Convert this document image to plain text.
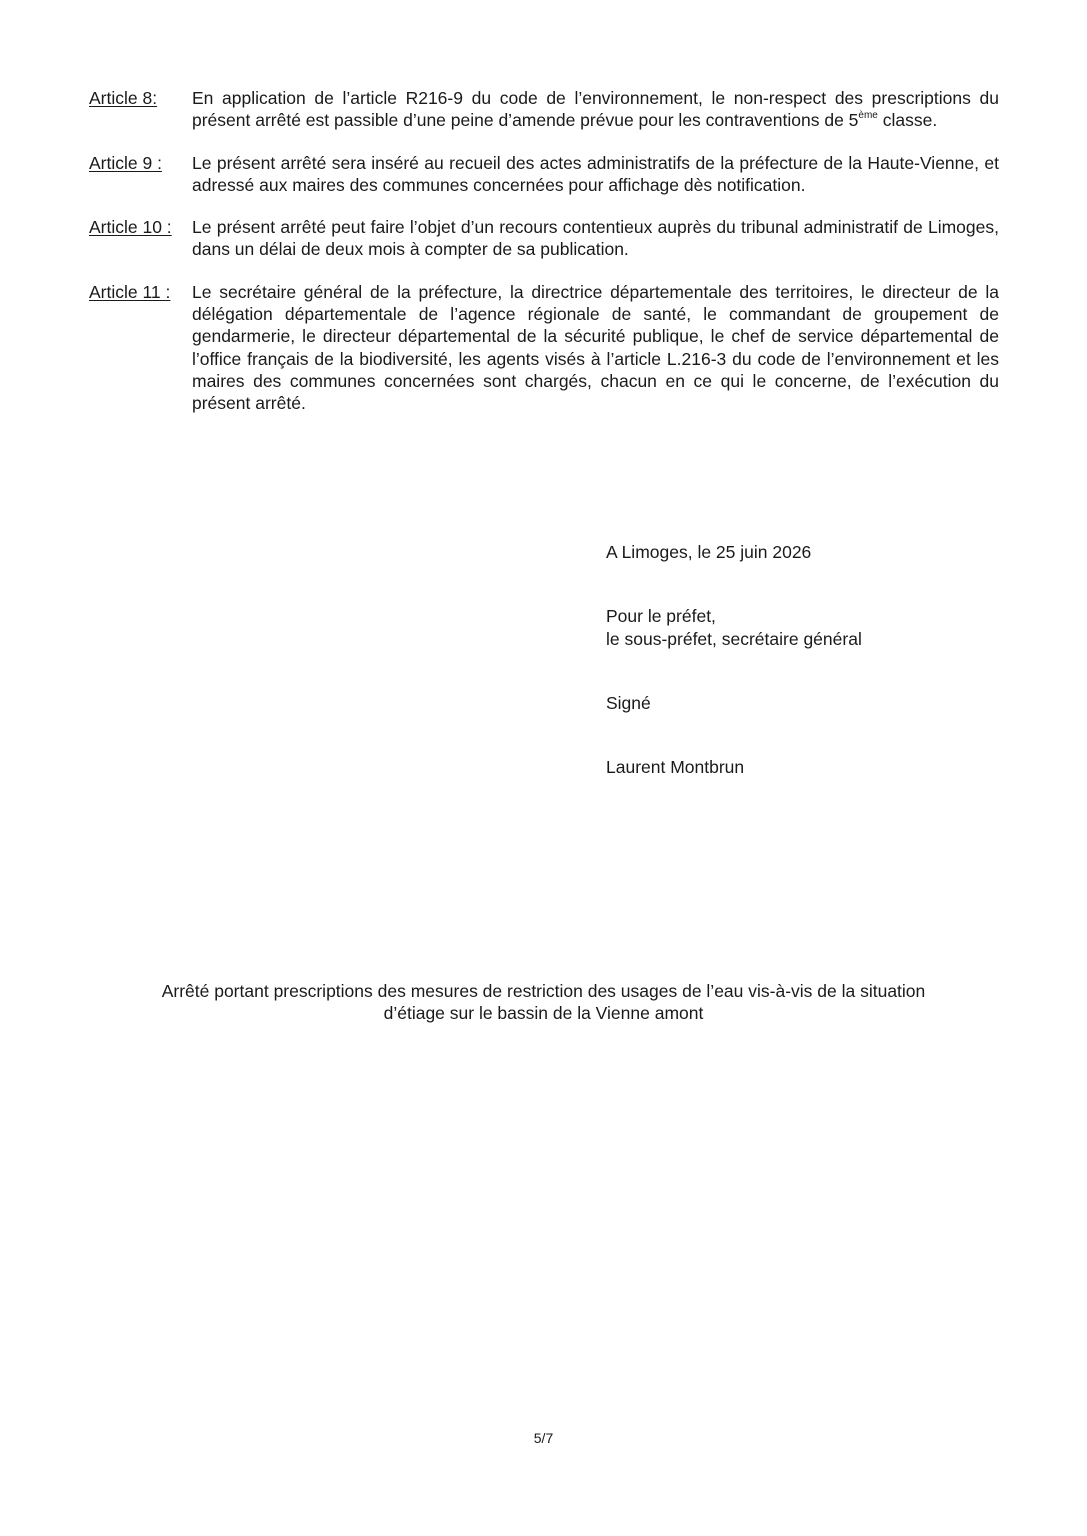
Article 8:	En application de l’article R216-9 du code de l’environnement, le non-respect des prescriptions du présent arrêté est passible d’une peine d’amende prévue pour les contraventions de 5ème classe.
Article 9 :	Le présent arrêté sera inséré au recueil des actes administratifs de la préfecture de la Haute-Vienne, et adressé aux maires des communes concernées pour affichage dès notification.
Article 10 :	Le présent arrêté peut faire l’objet d’un recours contentieux auprès du tribunal administratif de Limoges, dans un délai de deux mois à compter de sa publication.
Article 11 :	Le secrétaire général de la préfecture, la directrice départementale des territoires, le directeur de la délégation départementale de l’agence régionale de santé, le commandant de groupement de gendarmerie, le directeur départemental de la sécurité publique, le chef de service départemental de l’office français de la biodiversité, les agents visés à l’article L.216-3 du code de l’environnement et les maires des communes concernées sont chargés, chacun en ce qui le concerne, de l’exécution du présent arrêté.
A Limoges, le 25 juin 2026
Pour le préfet,
le sous-préfet, secrétaire général
Signé
Laurent Montbrun
Arrêté portant prescriptions des mesures de restriction des usages de l’eau vis-à-vis de la situation
d’étiage sur le bassin de la Vienne amont
5/7
